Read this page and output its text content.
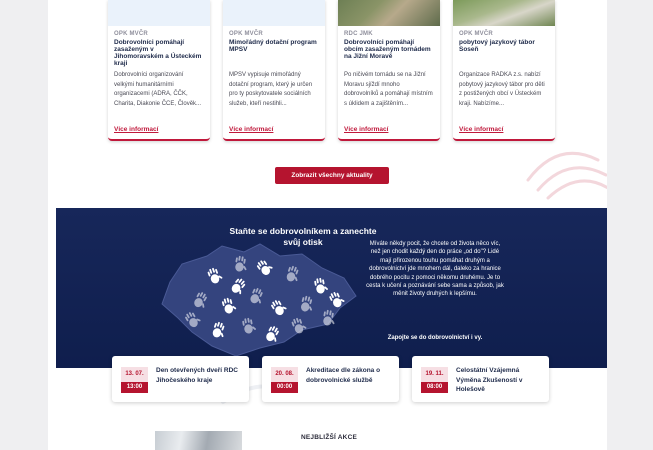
OPK MVČR
Dobrovolníci pomáhají zasaženým v Jihomoravském a Ústeckém kraji
Dobrovolníci organizování velkými humanitárními organizacemi (ADRA, ČČK, Charita, Diakonie ČCE, Člověk...
Více informací
OPK MVČR
Mimořádný dotační program MPSV
MPSV vypisuje mimořádný dotační program, který je určen pro ty poskytovatele sociálních služeb, kteří nestihli...
Více informací
RDC JMK
Dobrovolníci pomáhají obcím zasaženým tornádem na Jižní Moravě
Po ničivém tornádu se na Jižní Moravu sjíždí mnoho dobrovolníků a pomáhají místním s úklidem a zajištěním...
Více informací
OPK MVČR
pobytový jazykový tábor Soseň
Organizace RADKA z.s. nabízí pobytový jazykový tábor pro děti z postižených obcí v Ústeckém kraji. Nabízíme...
Více informací
Zobrazit všechny aktuality
Staňte se dobrovolníkem a zanechte svůj otisk	Míváte někdy pocit, že chcete od života něco víc, než jen chodit každý den do práce „od do"? Lidé mají přirozenou touhu pomáhat druhým a dobrovolnictví jde mnohem dál, daleko za hranice dobrého pocitu z pomoci někomu druhému. Je to cesta k učení a poznávání sebe sama a způsob, jak měnit životy druhých k lepšímu.
Zapojte se do dobrovolnictví i vy.
13. 07.
13:00
Den otevřených dveří RDC Jihočeského kraje
20. 08.
00:00
Akreditace dle zákona o dobrovolnické službě
19. 11.
08:00
Celostátní Vzájemná Výměna Zkušeností v Holešově
NEJBLIŽŠÍ AKCE
